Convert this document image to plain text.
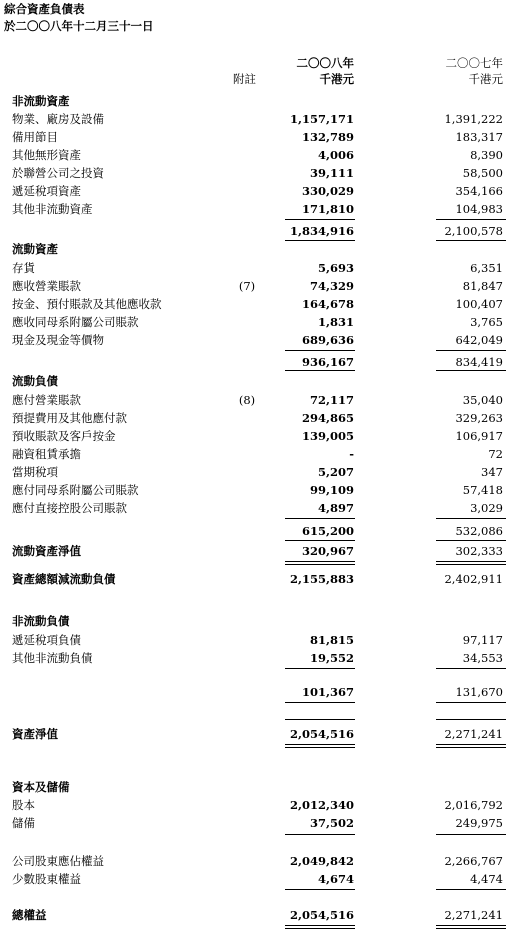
綜合資產負債表
於二〇〇八年十二月三十一日
二〇〇八年
千港元
二〇〇七年
千港元
附註
非流動資產
物業、廠房及設備	1,157,171	1,391,222
備用節目	132,789	183,317
其他無形資產	4,006	8,390
於聯營公司之投資	39,111	58,500
遞延稅項資產	330,029	354,166
其他非流動資產	171,810	104,983
1,834,916	2,100,578
流動資產
存貨	5,693	6,351
應收營業賬款	(7)	74,329	81,847
按金、預付賬款及其他應收款	164,678	100,407
應收同母系附屬公司賬款	1,831	3,765
現金及現金等價物	689,636	642,049
936,167	834,419
流動負債
應付營業賬款	(8)	72,117	35,040
預提費用及其他應付款	294,865	329,263
預收賬款及客戶按金	139,005	106,917
融資租賃承擔	-	72
當期稅項	5,207	347
應付同母系附屬公司賬款	99,109	57,418
應付直接控股公司賬款	4,897	3,029
615,200	532,086
流動資產淨值	320,967	302,333
資產總額減流動負債	2,155,883	2,402,911
非流動負債
遞延稅項負債	81,815	97,117
其他非流動負債	19,552	34,553
101,367	131,670
資產淨值	2,054,516	2,271,241
資本及儲備
股本	2,012,340	2,016,792
儲備	37,502	249,975
公司股東應佔權益	2,049,842	2,266,767
少數股東權益	4,674	4,474
總權益	2,054,516	2,271,241
